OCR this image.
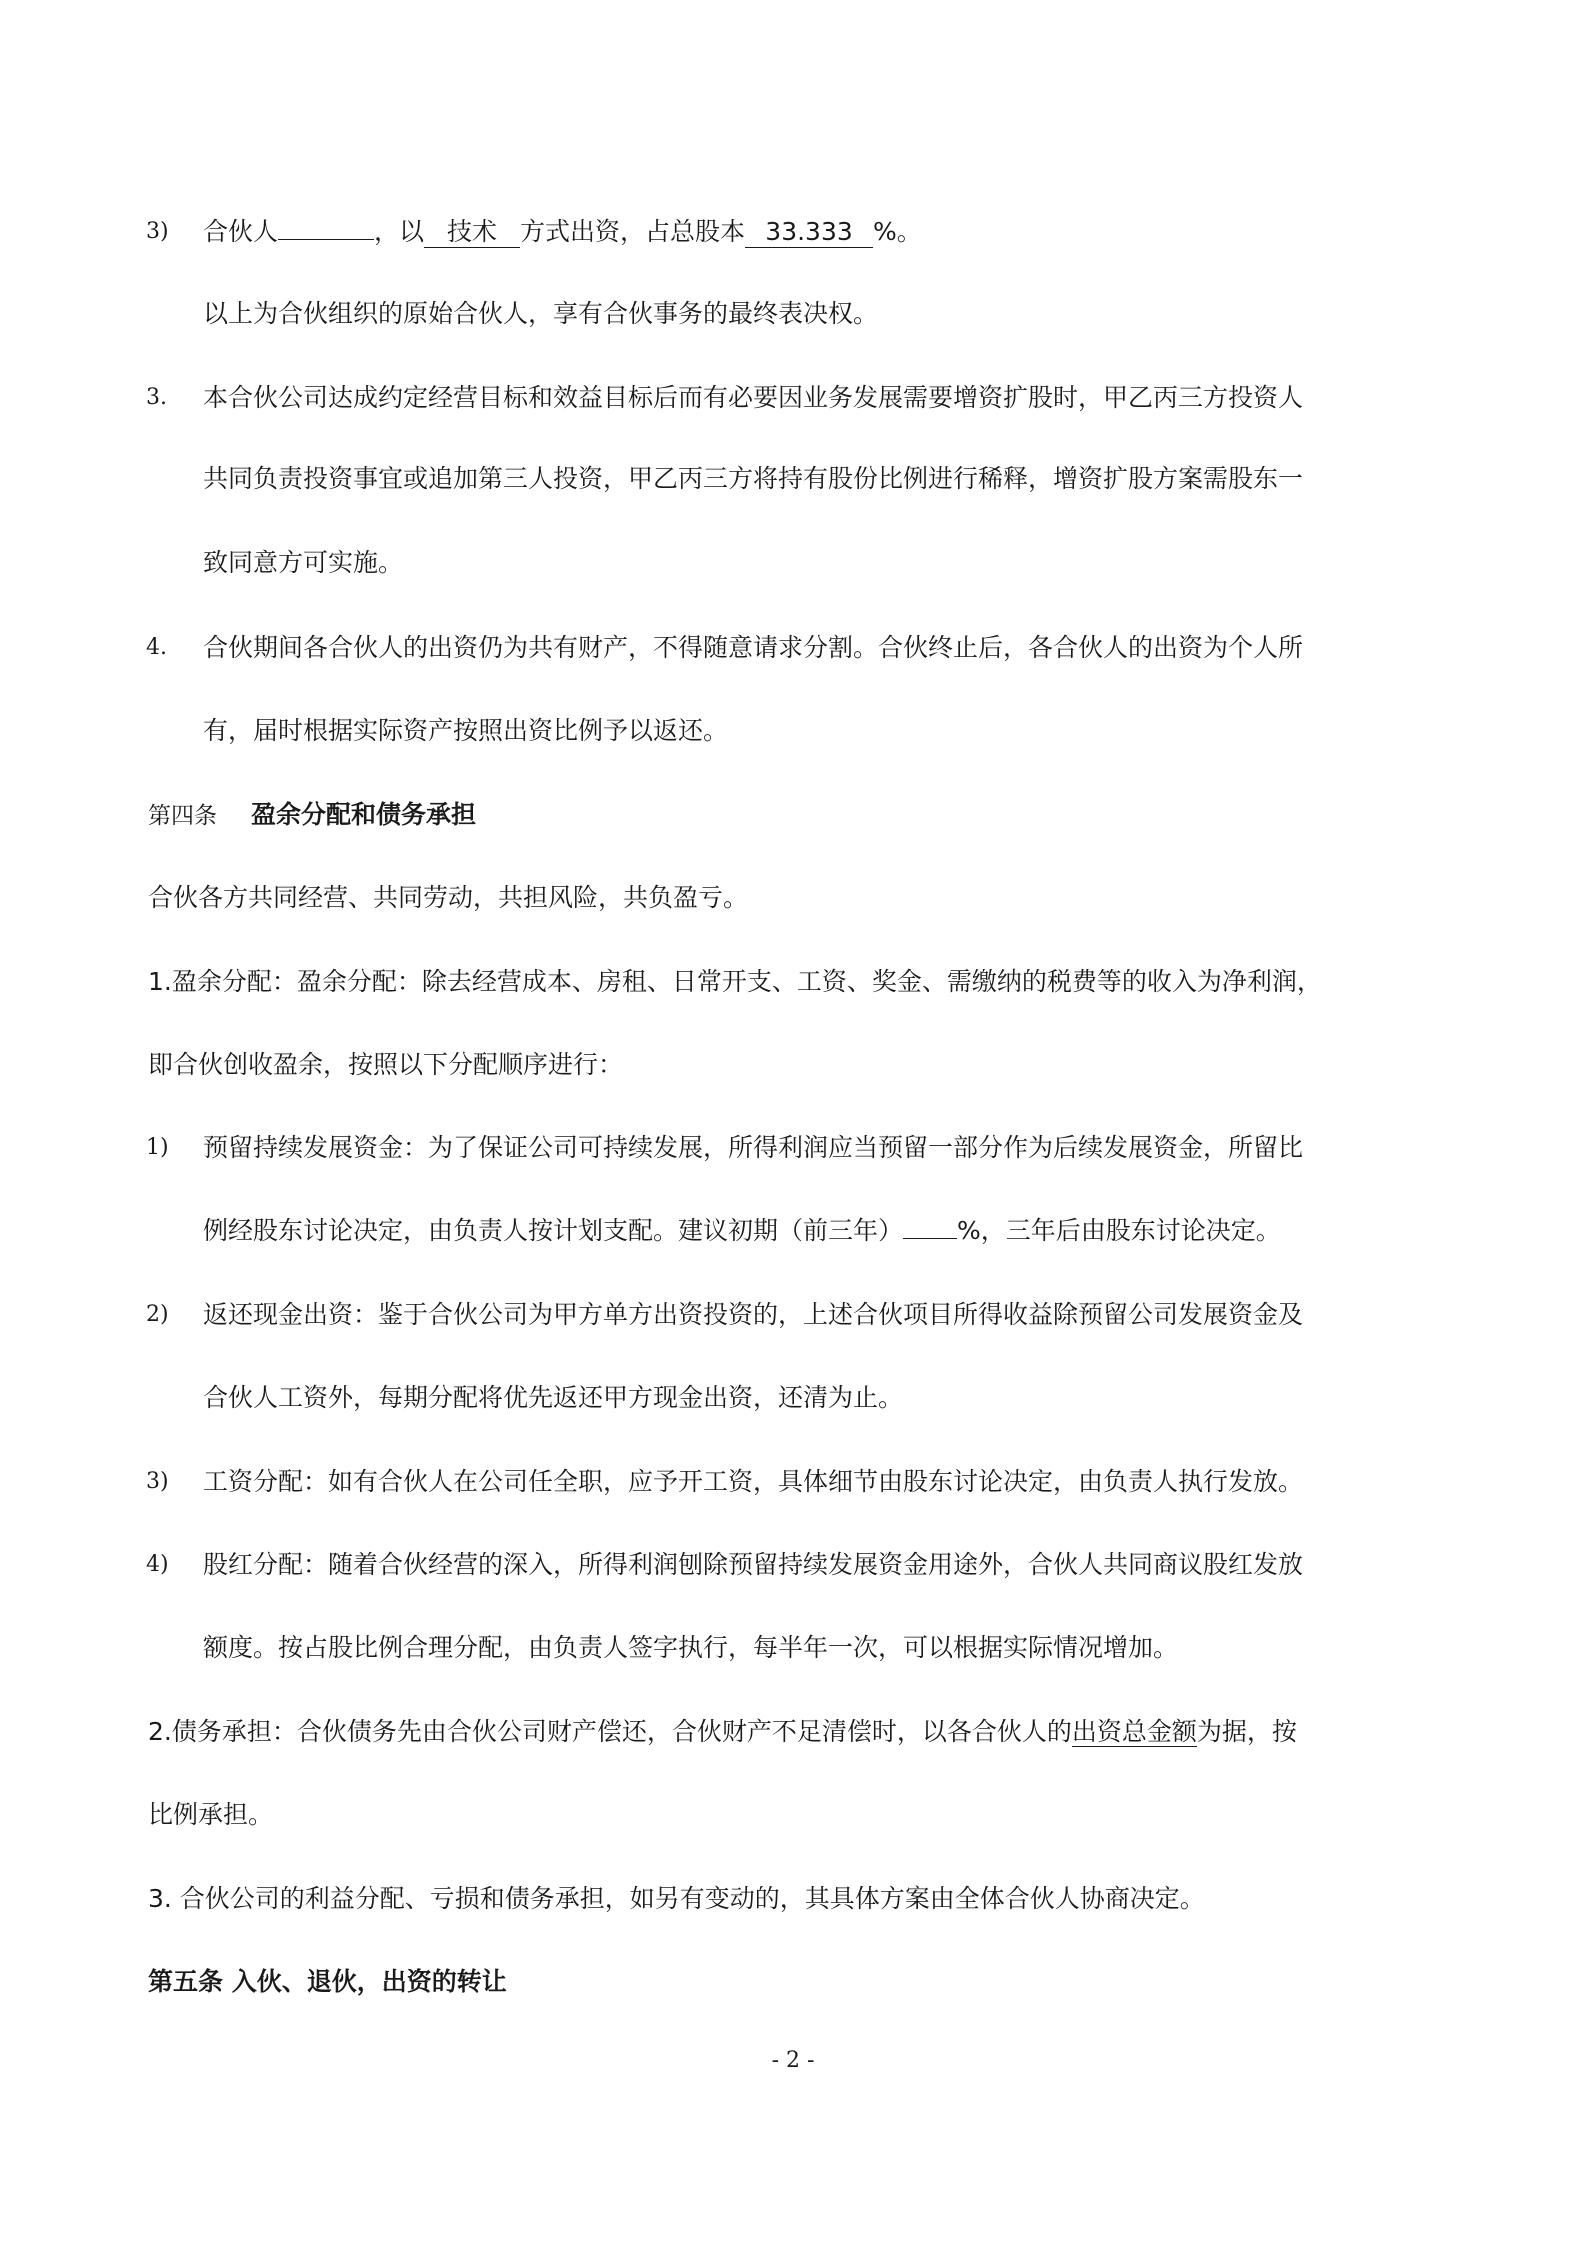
3) 合伙人	，以 技术 方式出资，占总股本 33.333 %。
以上为合伙组织的原始合伙人，享有合伙事务的最终表决权。
3. 本合伙公司达成约定经营目标和效益目标后而有必要因业务发展需要增资扩股时，甲乙丙三方投资人
共同负责投资事宜或追加第三人投资，甲乙丙三方将持有股份比例进行稀释，增资扩股方案需股东一
致同意方可实施。
4. 合伙期间各合伙人的出资仍为共有财产，不得随意请求分割。合伙终止后，各合伙人的出资为个人所
有，届时根据实际资产按照出资比例予以返还。
第四条 盈余分配和债务承担
合伙各方共同经营、共同劳动，共担风险，共负盈亏。
1.盈余分配：盈余分配：除去经营成本、房租、日常开支、工资、奖金、需缴纳的税费等的收入为净利润，
即合伙创收盈余，按照以下分配顺序进行：
1) 预留持续发展资金：为了保证公司可持续发展，所得利润应当预留一部分作为后续发展资金，所留比
例经股东讨论决定，由负责人按计划支配。建议初期（前三年） %，三年后由股东讨论决定。
2) 返还现金出资：鉴于合伙公司为甲方单方出资投资的，上述合伙项目所得收益除预留公司发展资金及
合伙人工资外，每期分配将优先返还甲方现金出资，还清为止。
3) 工资分配：如有合伙人在公司任全职，应予开工资，具体细节由股东讨论决定，由负责人执行发放。
4) 股红分配：随着合伙经营的深入，所得利润刨除预留持续发展资金用途外，合伙人共同商议股红发放
额度。按占股比例合理分配，由负责人签字执行，每半年一次，可以根据实际情况增加。
2.债务承担：合伙债务先由合伙公司财产偿还，合伙财产不足清偿时，以各合伙人的出资总金额为据，按
比例承担。
3. 合伙公司的利益分配、亏损和债务承担，如另有变动的，其具体方案由全体合伙人协商决定。
第五条 入伙、退伙，出资的转让
- 2 -
